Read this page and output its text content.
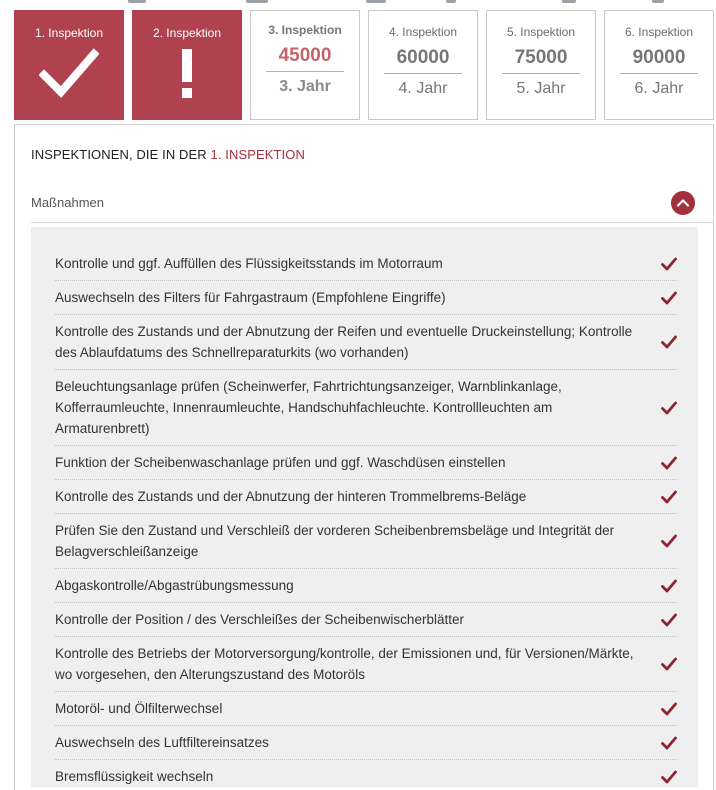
1. Inspektion	2. Inspektion	3. Inspektion
45000
3. Jahr
4. Inspektion
60000
4. Jahr
5. Inspektion
75000
5. Jahr
6. Inspektion
90000
6. Jahr
INSPEKTIONEN, DIE IN DER 1. INSPEKTION
Maßnahmen
Kontrolle und ggf. Auffüllen des Flüssigkeitsstands im Motorraum
Auswechseln des Filters für Fahrgastraum (Empfohlene Eingriffe)
Kontrolle des Zustands und der Abnutzung der Reifen und eventuelle Druckeinstellung; Kontrolle des Ablaufdatums des Schnellreparaturkits (wo vorhanden)
Beleuchtungsanlage prüfen (Scheinwerfer, Fahrtrichtungsanzeiger, Warnblinkanlage, Kofferraumleuchte, Innenraumleuchte, Handschuhfachleuchte. Kontrollleuchten am Armaturenbrett)
Funktion der Scheibenwaschanlage prüfen und ggf. Waschdüsen einstellen
Kontrolle des Zustands und der Abnutzung der hinteren Trommelbrems-Beläge
Prüfen Sie den Zustand und Verschleiß der vorderen Scheibenbremsbeläge und Integrität der Belagverschleißanzeige
Abgaskontrolle/Abgastrübungsmessung
Kontrolle der Position / des Verschleißes der Scheibenwischerblätter
Kontrolle des Betriebs der Motorversorgung/kontrolle, der Emissionen und, für Versionen/Märkte, wo vorgesehen, den Alterungszustand des Motoröls
Motoröl- und Ölfilterwechsel
Auswechseln des Luftfiltereinsatzes
Bremsflüssigkeit wechseln
